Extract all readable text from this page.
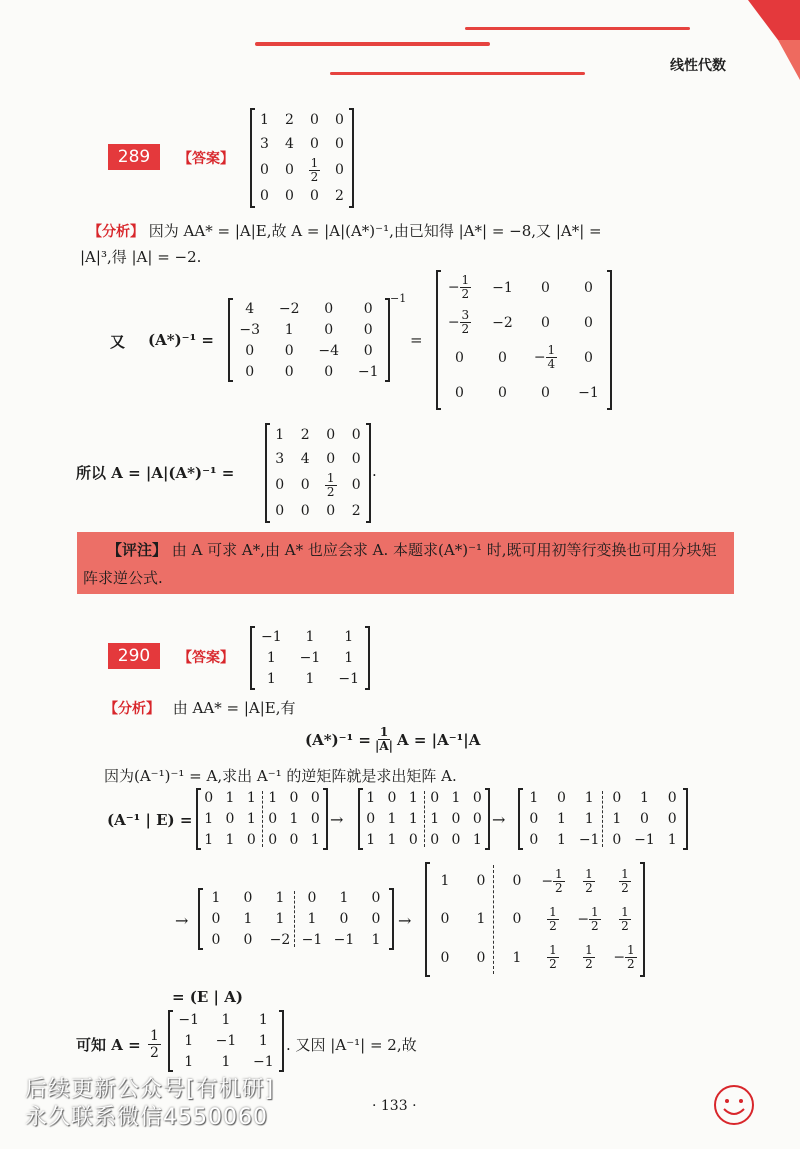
线性代数
289	【答案】
1 2 0 0
3 4 0 0
0 $0 \frac{1}{2} 0$
0 0 0 2
【分析】 因为 AA* = |A|E,故 A = |A|(A*)⁻¹,由已知得 |A*| = −8,又 |A*| =
|A|³,得 |A| = −2.
又 (A*)⁻¹ =
4 −2 0 0
−3 1 0 0
0 0 −4 0
0 0 0 −1
−1
=
− $\frac{1}{2} -1$ 0 0
− $\frac{3}{2} -2$ 0 0
0 $0 - \frac{1}{4} 0$
0 0 0 −1
所以 A = |A|(A*)⁻¹ =
1 2 0 0
3 4 0 0
0 $0 \frac{1}{2} 0$
0 0 0 2
.
【评注】 由 A 可求 A*,由 A* 也应会求 A. 本题求(A*)⁻¹ 时,既可用初等行变换也可用分块矩阵求逆公式.
290	【答案】
−1 1 1
1 −1 1
1 1 −1
【分析】 由 AA* = |A|E,有
$(A*)^{-1} = \frac{1}{|A|}$ A = |A⁻¹|A
因为(A⁻¹)⁻¹ = A,求出 A⁻¹ 的逆矩阵就是求出矩阵 A.
(A⁻¹ | E) =
0 1 1 1 0 0
1 0 1 0 1 0
1 1 0 0 0 1
→
1 0 1 0 1 0
0 1 1 1 0 0
1 1 0 0 0 1
→
1 0 1 0 1 0
0 1 1 1 0 0
0 1 −1 0 −1 1
→
1 0 1 0 1 0
0 1 1 1 0 0
0 0 −2 −1 −1 1
→
1 0 $0 - \frac{1}{2} \frac{1}{2} \frac{1}{2}$
0 1 $0 \frac{1}{2} - \frac{1}{2} \frac{1}{2}$
0 0 $1 \frac{1}{2} \frac{1}{2} - \frac{1}{2}$
= (E | A)
可知 $A = \frac{1}{2}$
−1 1 1
1 −1 1
1 1 −1
. 又因 |A⁻¹| = 2,故
· 133 ·
后续更新公众号[有机研]
永久联系微信4550060
